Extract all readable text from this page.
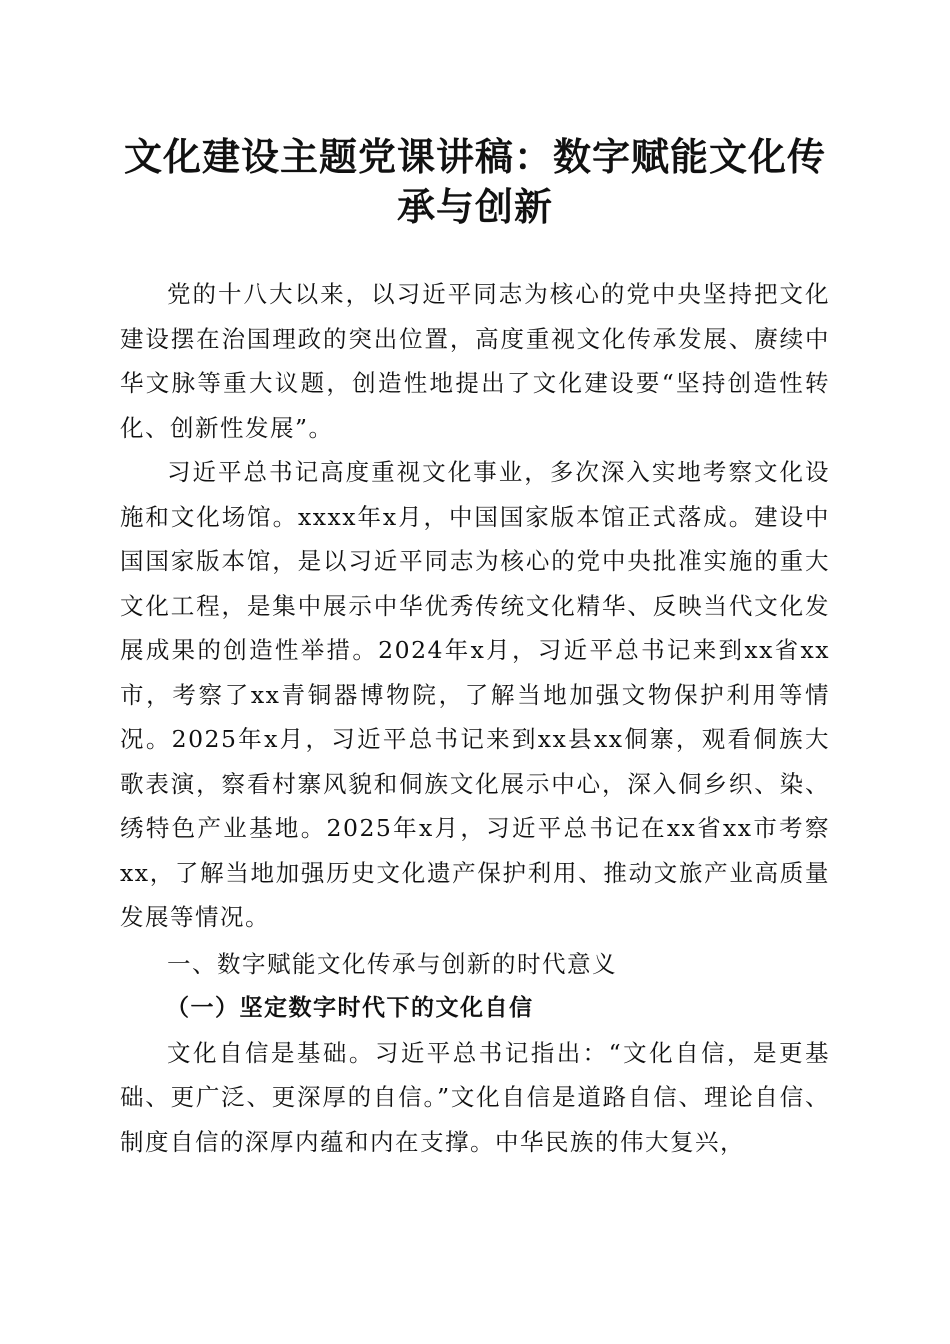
文化建设主题党课讲稿：数字赋能文化传承与创新

党的十八大以来，以习近平同志为核心的党中央坚持把文化建设摆在治国理政的突出位置，高度重视文化传承发展、赓续中华文脉等重大议题，创造性地提出了文化建设要“坚持创造性转化、创新性发展”。

习近平总书记高度重视文化事业，多次深入实地考察文化设施和文化场馆。xxxx年x月，中国国家版本馆正式落成。建设中国国家版本馆，是以习近平同志为核心的党中央批准实施的重大文化工程，是集中展示中华优秀传统文化精华、反映当代文化发展成果的创造性举措。2024年x月，习近平总书记来到xx省xx市，考察了xx青铜器博物院，了解当地加强文物保护利用等情况。2025年x月，习近平总书记来到xx县xx侗寨，观看侗族大歌表演，察看村寨风貌和侗族文化展示中心，深入侗乡织、染、绣特色产业基地。2025年x月，习近平总书记在xx省xx市考察xx，了解当地加强历史文化遗产保护利用、推动文旅产业高质量发展等情况。

一、数字赋能文化传承与创新的时代意义

（一）坚定数字时代下的文化自信

文化自信是基础。习近平总书记指出：“文化自信，是更基础、更广泛、更深厚的自信。”文化自信是道路自信、理论自信、制度自信的深厚内蕴和内在支撑。中华民族的伟大复兴，
